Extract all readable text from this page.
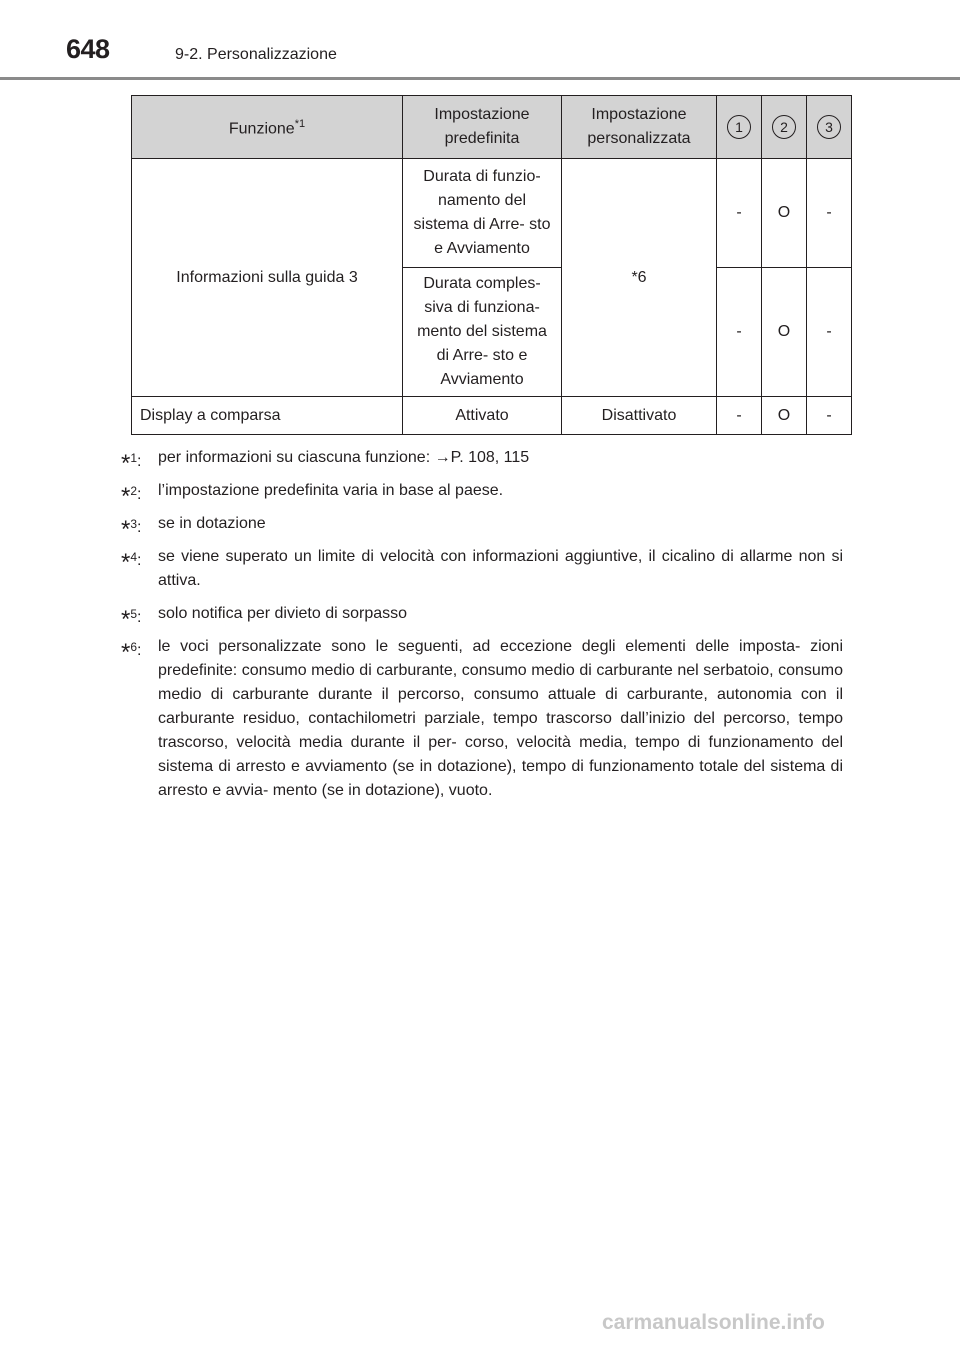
648	9-2. Personalizzazione
Funzione$^{*1}$	Impostazione predefinita	Impostazione personalizzata	1	2	3
Informazioni sulla guida 3	Durata di funzio- namento del sistema di Arre- sto e Avviamento	*6	-	O	-
	Durata comples- siva di funziona- mento del sistema di Arre- sto e Avviamento		-	O	-
Display a comparsa	Attivato	Disattivato	-	O	-
*$^1$: per informazioni su ciascuna funzione: →P. 108, 115
*$^2$: l’impostazione predefinita varia in base al paese.
*$^3$: se in dotazione
*$^4$: se viene superato un limite di velocità con informazioni aggiuntive, il cicalino di allarme non si attiva.
*$^5$: solo notifica per divieto di sorpasso
*$^6$: le voci personalizzate sono le seguenti, ad eccezione degli elementi delle imposta- zioni predefinite: consumo medio di carburante, consumo medio di carburante nel serbatoio, consumo medio di carburante durante il percorso, consumo attuale di carburante, autonomia con il carburante residuo, contachilometri parziale, tempo trascorso dall’inizio del percorso, tempo trascorso, velocità media durante il per- corso, velocità media, tempo di funzionamento del sistema di arresto e avviamento (se in dotazione), tempo di funzionamento totale del sistema di arresto e avvia- mento (se in dotazione), vuoto.
carmanualsonline.info
